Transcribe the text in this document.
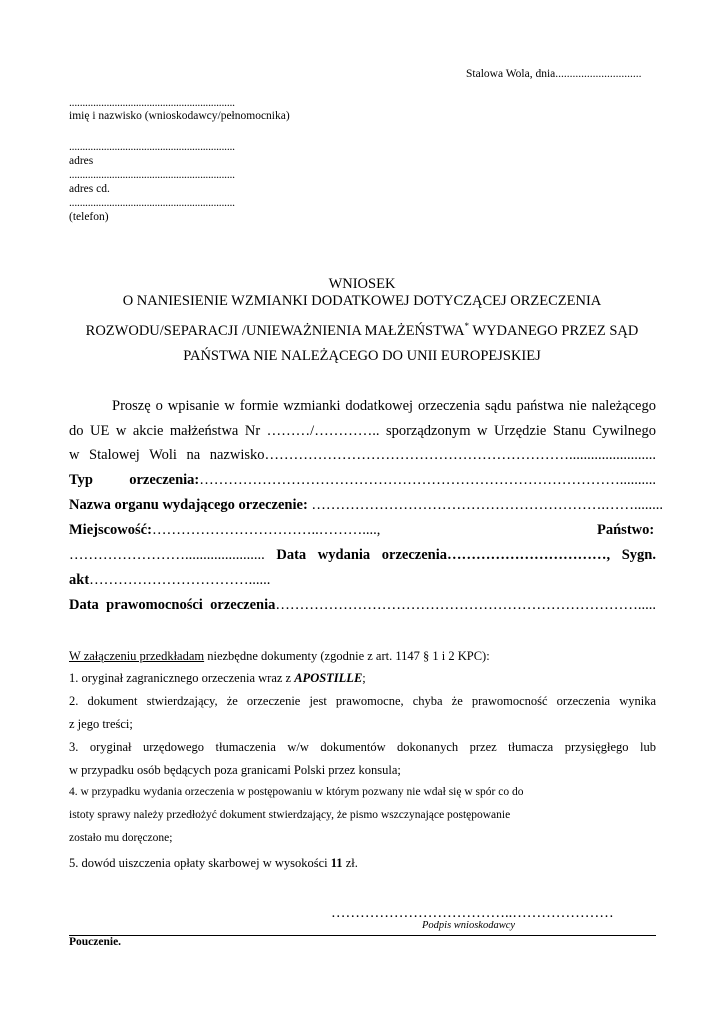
Stalowa Wola, dnia..............................
..............................................................
imię i nazwisko (wnioskodawcy/pełnomocnika)
..............................................................
adres
..............................................................
adres cd.
..............................................................
(telefon)
WNIOSEK
O NANIESIENIE WZMIANKI DODATKOWEJ DOTYCZĄCEJ ORZECZENIA
ROZWODU/SEPARACJI /UNIEWAŻNIENIA MAŁŻEŃSTWA* WYDANEGO PRZEZ SĄD
PAŃSTWA NIE NALEŻĄCEGO DO UNII EUROPEJSKIEJ
Proszę o wpisanie w formie wzmianki dodatkowej orzeczenia sądu państwa nie należącego
do UE w akcie małżeństwa Nr ………/………….. sporządzonym w Urzędzie Stanu Cywilnego
w Stalowej Woli na nazwisko………………………………………………………........................
Typ orzeczenia:……………………………………………………………………………..........
Nazwa organu wydającego orzeczenie: …………………………………………………….……........
Miejscowość:……………………………..………....,	Państwo:
……………………...................... Data wydania orzeczenia……………………………, Sygn.
akt……………………………......
Data prawomocności orzeczenia………………………………………………………………….....
W załączeniu przedkładam niezbędne dokumenty (zgodnie z art. 1147 § 1 i 2 KPC):
1. oryginał zagranicznego orzeczenia wraz z APOSTILLE;
2. dokument stwierdzający, że orzeczenie jest prawomocne, chyba że prawomocność orzeczenia wynika
z jego treści;
3. oryginał urzędowego tłumaczenia w/w dokumentów dokonanych przez tłumacza przysięgłego lub
w przypadku osób będących poza granicami Polski przez konsula;
4. w przypadku wydania orzeczenia w postępowaniu w którym pozwany nie wdał się w spór co do
istoty sprawy należy przedłożyć dokument stwierdzający, że pismo wszczynające postępowanie
zostało mu doręczone;
5. dowód uiszczenia opłaty skarbowej w wysokości 11 zł.
………………………………..…………………
Podpis wnioskodawcy
Pouczenie.
